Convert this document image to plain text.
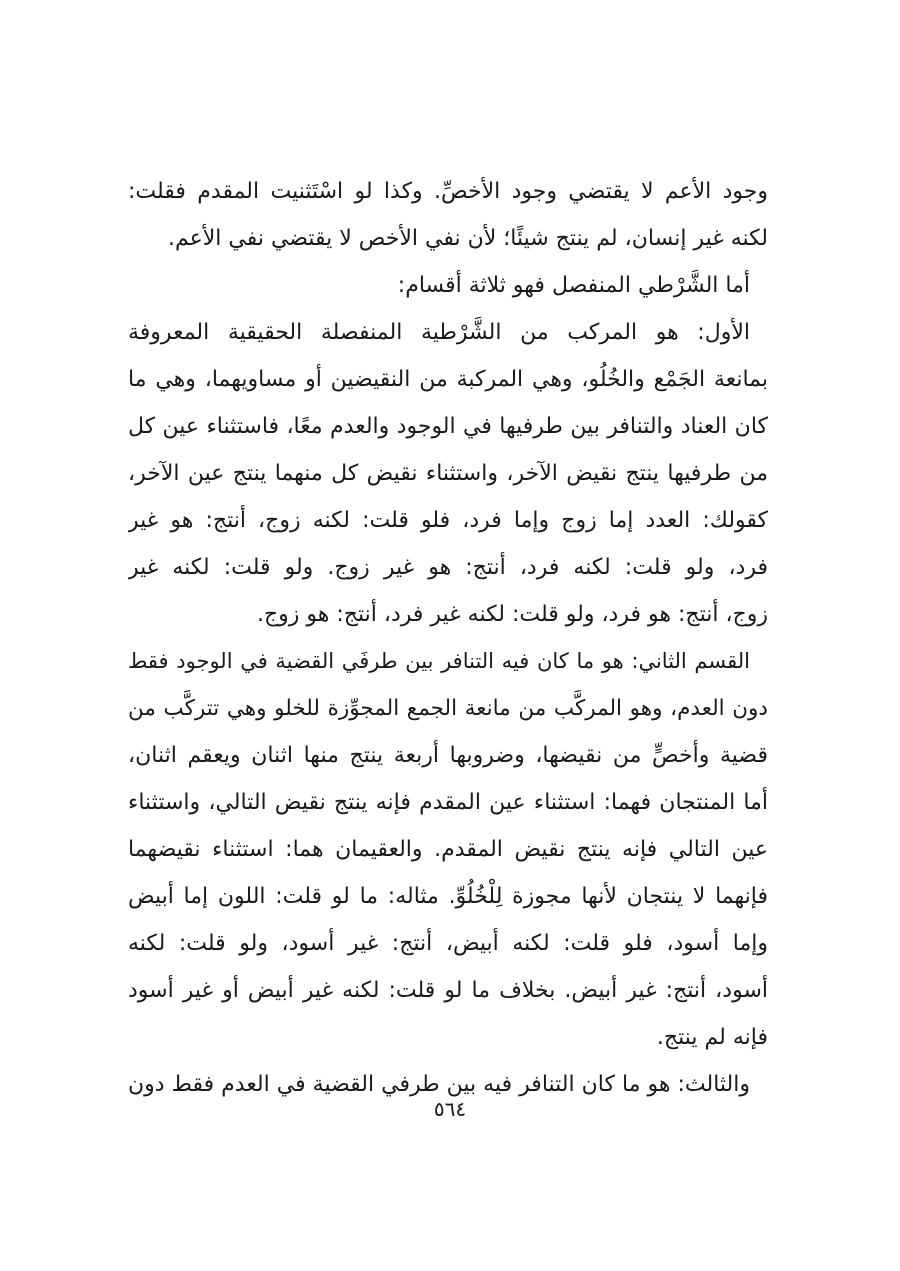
وجود الأعم لا يقتضي وجود الأخصِّ. وكذا لو اسْتَثنيت المقدم فقلت:
لكنه غير إنسان، لم ينتج شيئًا؛ لأن نفي الأخص لا يقتضي نفي الأعم.
أما الشَّرْطي المنفصل فهو ثلاثة أقسام:
الأول: هو المركب من الشَّرْطية المنفصلة الحقيقية المعروفة
بمانعة الجَمْع والخُلُو، وهي المركبة من النقيضين أو مساويهما، وهي ما
كان العناد والتنافر بين طرفيها في الوجود والعدم معًا، فاستثناء عين كل
من طرفيها ينتج نقيض الآخر، واستثناء نقيض كل منهما ينتج عين الآخر،
كقولك: العدد إما زوج وإما فرد، فلو قلت: لكنه زوج، أنتج: هو غير
فرد، ولو قلت: لكنه فرد، أنتج: هو غير زوج. ولو قلت: لكنه غير
زوج، أنتج: هو فرد، ولو قلت: لكنه غير فرد، أنتج: هو زوج.
القسم الثاني: هو ما كان فيه التنافر بين طرفَي القضية في الوجود فقط
دون العدم، وهو المركَّب من مانعة الجمع المجوِّزة للخلو وهي تتركَّب من
قضية وأخصٍّ من نقيضها، وضروبها أربعة ينتج منها اثنان ويعقم اثنان،
أما المنتجان فهما: استثناء عين المقدم فإنه ينتج نقيض التالي، واستثناء
عين التالي فإنه ينتج نقيض المقدم. والعقيمان هما: استثناء نقيضهما
فإنهما لا ينتجان لأنها مجوزة لِلْخُلُوِّ. مثاله: ما لو قلت: اللون إما أبيض
وإما أسود، فلو قلت: لكنه أبيض، أنتج: غير أسود، ولو قلت: لكنه
أسود، أنتج: غير أبيض. بخلاف ما لو قلت: لكنه غير أبيض أو غير أسود
فإنه لم ينتج.
والثالث: هو ما كان التنافر فيه بين طرفي القضية في العدم فقط دون
٥٦٤
